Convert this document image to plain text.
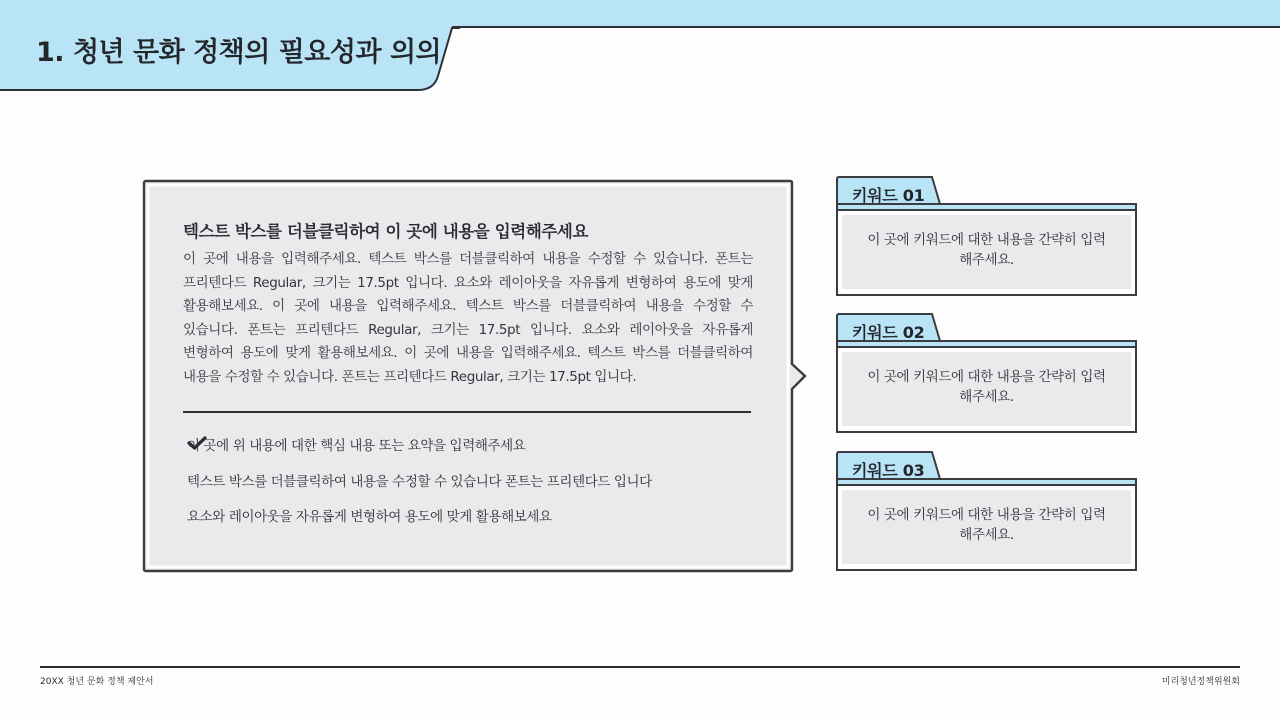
1. 청년 문화 정책의 필요성과 의의
텍스트 박스를 더블클릭하여 이 곳에 내용을 입력해주세요
이 곳에 내용을 입력해주세요. 텍스트 박스를 더블클릭하여 내용을 수정할 수 있습니다. 폰트는 프리텐다드 Regular, 크기는 17.5pt 입니다. 요소와 레이아웃을 자유롭게 변형하여 용도에 맞게 활용해보세요. 이 곳에 내용을 입력해주세요. 텍스트 박스를 더블클릭하여 내용을 수정할 수 있습니다. 폰트는 프리텐다드 Regular, 크기는 17.5pt 입니다. 요소와 레이아웃을 자유롭게 변형하여 용도에 맞게 활용해보세요. 이 곳에 내용을 입력해주세요. 텍스트 박스를 더블클릭하여 내용을 수정할 수 있습니다. 폰트는 프리텐다드 Regular, 크기는 17.5pt 입니다.
이 곳에 위 내용에 대한 핵심 내용 또는 요약을 입력해주세요
텍스트 박스를 더블클릭하여 내용을 수정할 수 있습니다 폰트는 프리텐다드 입니다
요소와 레이아웃을 자유롭게 변형하여 용도에 맞게 활용해보세요
키워드 01
이 곳에 키워드에 대한 내용을 간략히 입력해주세요.
키워드 02
이 곳에 키워드에 대한 내용을 간략히 입력해주세요.
키워드 03
이 곳에 키워드에 대한 내용을 간략히 입력해주세요.
20XX 청년 문화 정책 제안서	미리청년정책위원회
